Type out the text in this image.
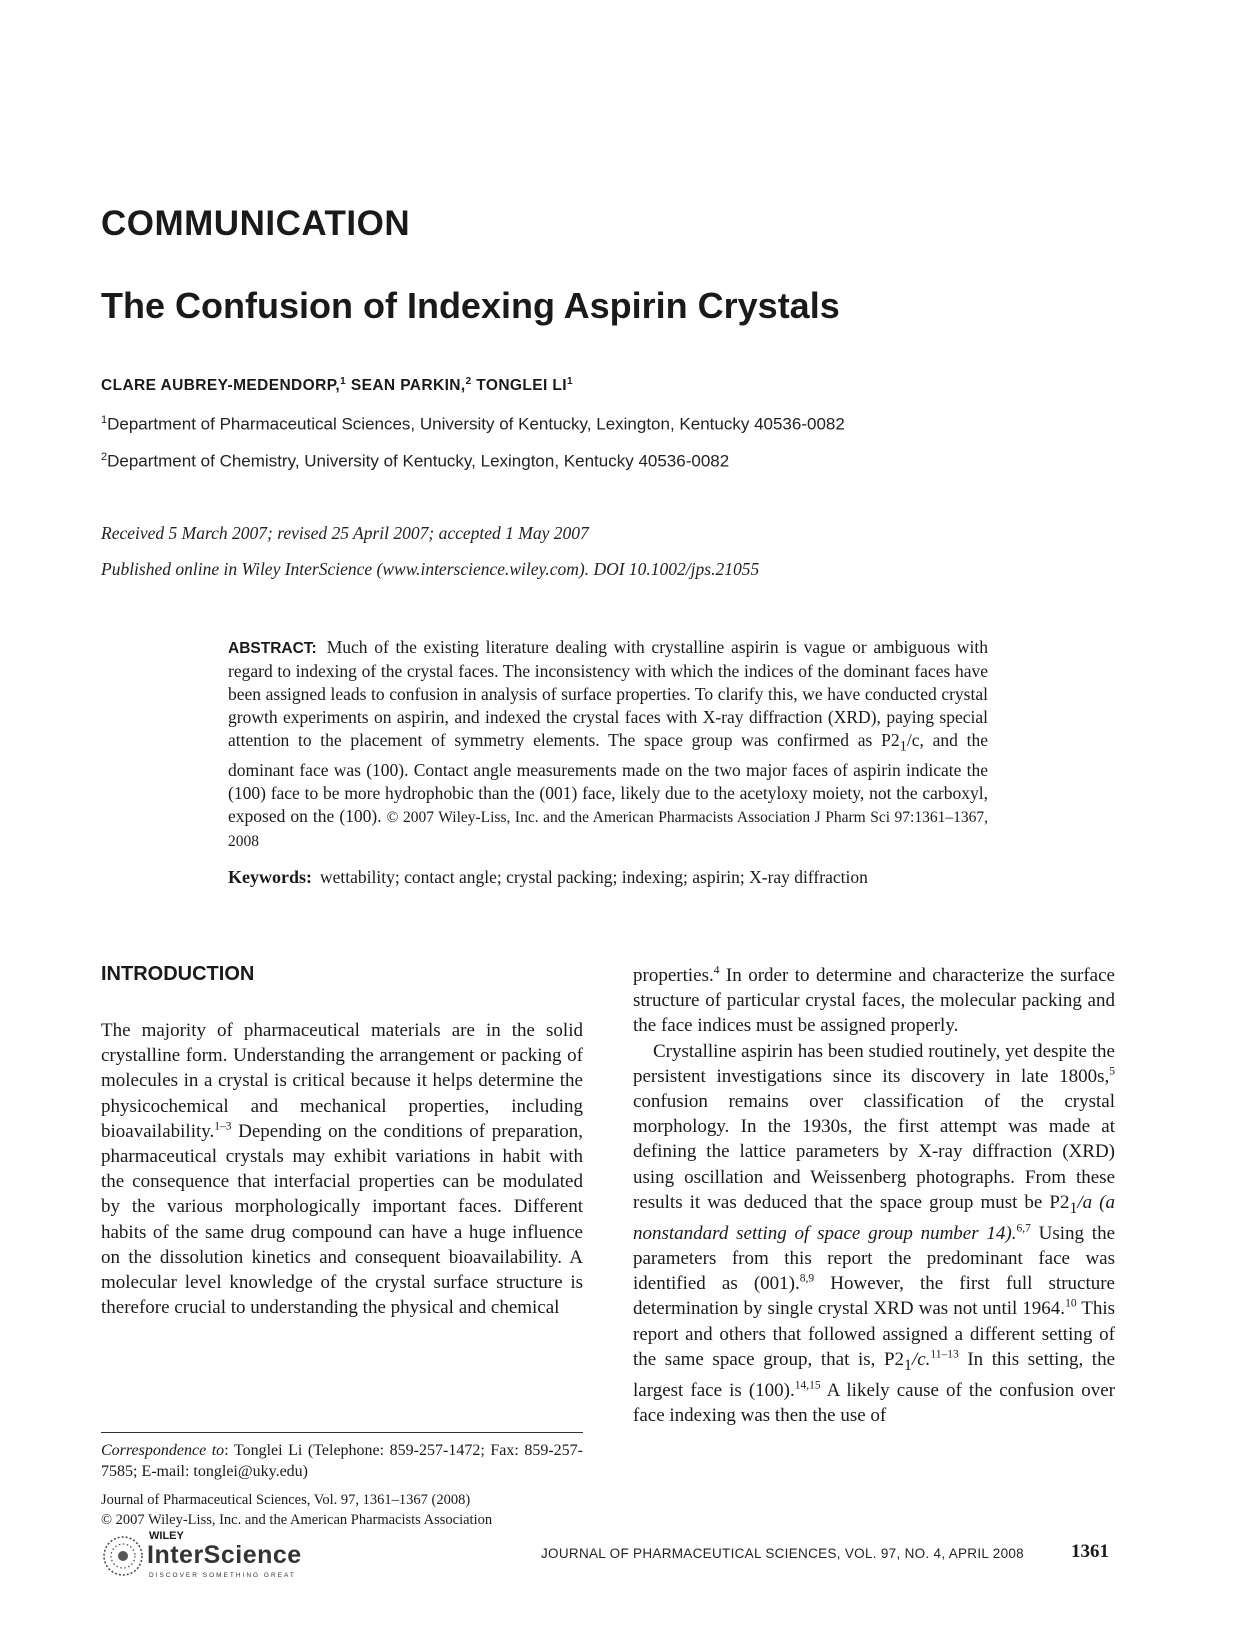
COMMUNICATION
The Confusion of Indexing Aspirin Crystals
CLARE AUBREY-MEDENDORP,$^1$ SEAN PARKIN,$^2$ TONGLEI $LI^1$
$^1$Department of Pharmaceutical Sciences, University of Kentucky, Lexington, Kentucky 40536-0082
$^2$Department of Chemistry, University of Kentucky, Lexington, Kentucky 40536-0082
Received 5 March 2007; revised 25 April 2007; accepted 1 May 2007
Published online in Wiley InterScience (www.interscience.wiley.com). DOI 10.1002/jps.21055
ABSTRACT: Much of the existing literature dealing with crystalline aspirin is vague or ambiguous with regard to indexing of the crystal faces. The inconsistency with which the indices of the dominant faces have been assigned leads to confusion in analysis of surface properties. To clarify this, we have conducted crystal growth experiments on aspirin, and indexed the crystal faces with X-ray diffraction (XRD), paying special attention to the placement of symmetry elements. The space group was confirmed as $P2_1/c$, and the dominant face was (100). Contact angle measurements made on the two major faces of aspirin indicate the (100) face to be more hydrophobic than the (001) face, likely due to the acetyloxy moiety, not the carboxyl, exposed on the (100). © 2007 Wiley-Liss, Inc. and the American Pharmacists Association J Pharm Sci 97:1361–1367, 2008
Keywords: wettability; contact angle; crystal packing; indexing; aspirin; X-ray diffraction
INTRODUCTION

The majority of pharmaceutical materials are in the solid crystalline form. Understanding the arrangement or packing of molecules in a crystal is critical because it helps determine the physicochemical and mechanical properties, including bioavailability.$^{1-3}$ Depending on the conditions of preparation, pharmaceutical crystals may exhibit variations in habit with the consequence that interfacial properties can be modulated by the various morphologically important faces. Different habits of the same drug compound can have a huge influence on the dissolution kinetics and consequent bioavailability. A molecular level knowledge of the crystal surface structure is therefore crucial to understanding the physical and chemical

properties.$^4$ In order to determine and characterize the surface structure of particular crystal faces, the molecular packing and the face indices must be assigned properly.

Crystalline aspirin has been studied routinely, yet despite the persistent investigations since its discovery in late 1800s,$^5$ confusion remains over classification of the crystal morphology. In the 1930s, the first attempt was made at defining the lattice parameters by X-ray diffraction (XRD) using oscillation and Weissenberg photographs. From these results it was deduced that the space group must be $P2_1/a$ (a nonstandard setting of space group number 14).$^{6,7}$ Using the parameters from this report the predominant face was identified as (001).$^{8,9}$ However, the first full structure determination by single crystal XRD was not until 1964.10 This report and others that followed assigned a different setting of the same space group, that is, $P2_1/c.^{11-13}$ In this setting, the largest face is (100).$^{14,15}$ A likely cause of the confusion over face indexing was then the use of

Correspondence to: Tonglei Li (Telephone: 859-257-1472; Fax: 859-257-7585; E-mail: tonglei@uky.edu)
Journal of Pharmaceutical Sciences, Vol. 97, 1361–1367 (2008)
© 2007 Wiley-Liss, Inc. and the American Pharmacists Association
WILEY
InterScience
DISCOVER SOMETHING GREAT
JOURNAL OF PHARMACEUTICAL SCIENCES, VOL. 97, NO. 4, APRIL 2008 1361
